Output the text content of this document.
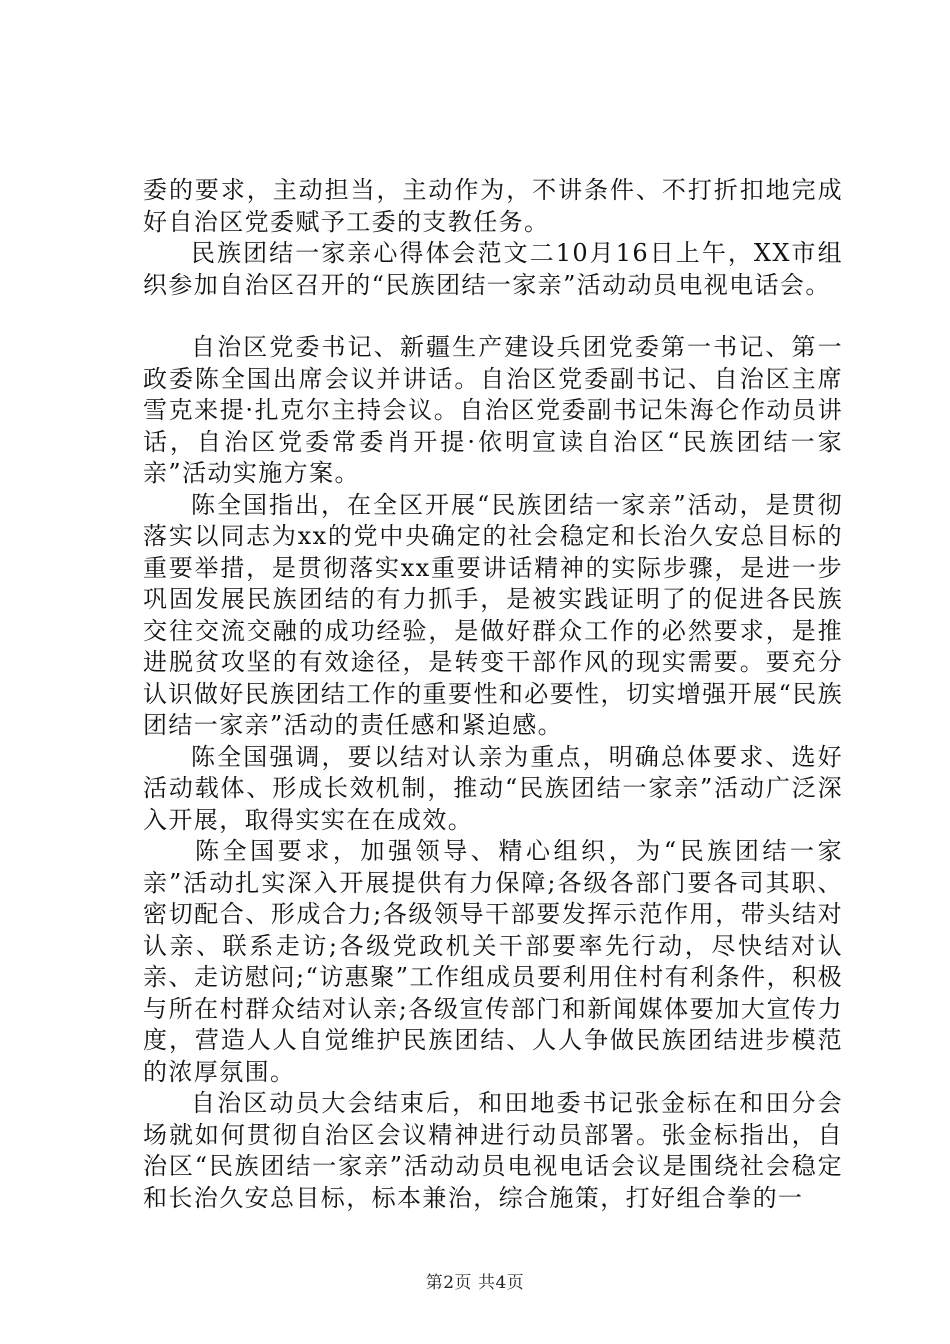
委的要求，主动担当，主动作为，不讲条件、不打折扣地完成好自治区党委赋予工委的支教任务。

民族团结一家亲心得体会范文二10月16日上午，XX市组织参加自治区召开的“民族团结一家亲”活动动员电视电话会。

自治区党委书记、新疆生产建设兵团党委第一书记、第一政委陈全国出席会议并讲话。自治区党委副书记、自治区主席雪克来提·扎克尔主持会议。自治区党委副书记朱海仑作动员讲话，自治区党委常委肖开提·依明宣读自治区“民族团结一家亲”活动实施方案。

陈全国指出，在全区开展“民族团结一家亲”活动，是贯彻落实以同志为xx的党中央确定的社会稳定和长治久安总目标的重要举措，是贯彻落实xx重要讲话精神的实际步骤，是进一步巩固发展民族团结的有力抓手，是被实践证明了的促进各民族交往交流交融的成功经验，是做好群众工作的必然要求，是推进脱贫攻坚的有效途径，是转变干部作风的现实需要。要充分认识做好民族团结工作的重要性和必要性，切实增强开展“民族团结一家亲”活动的责任感和紧迫感。

陈全国强调，要以结对认亲为重点，明确总体要求、选好活动载体、形成长效机制，推动“民族团结一家亲”活动广泛深入开展，取得实实在在成效。

陈全国要求，加强领导、精心组织，为“民族团结一家亲”活动扎实深入开展提供有力保障;各级各部门要各司其职、密切配合、形成合力;各级领导干部要发挥示范作用，带头结对认亲、联系走访;各级党政机关干部要率先行动，尽快结对认亲、走访慰问;“访惠聚”工作组成员要利用住村有利条件，积极与所在村群众结对认亲;各级宣传部门和新闻媒体要加大宣传力度，营造人人自觉维护民族团结、人人争做民族团结进步模范的浓厚氛围。

自治区动员大会结束后，和田地委书记张金标在和田分会场就如何贯彻自治区会议精神进行动员部署。张金标指出，自治区“民族团结一家亲”活动动员电视电话会议是围绕社会稳定和长治久安总目标，标本兼治，综合施策，打好组合拳的一

第2页 共4页
